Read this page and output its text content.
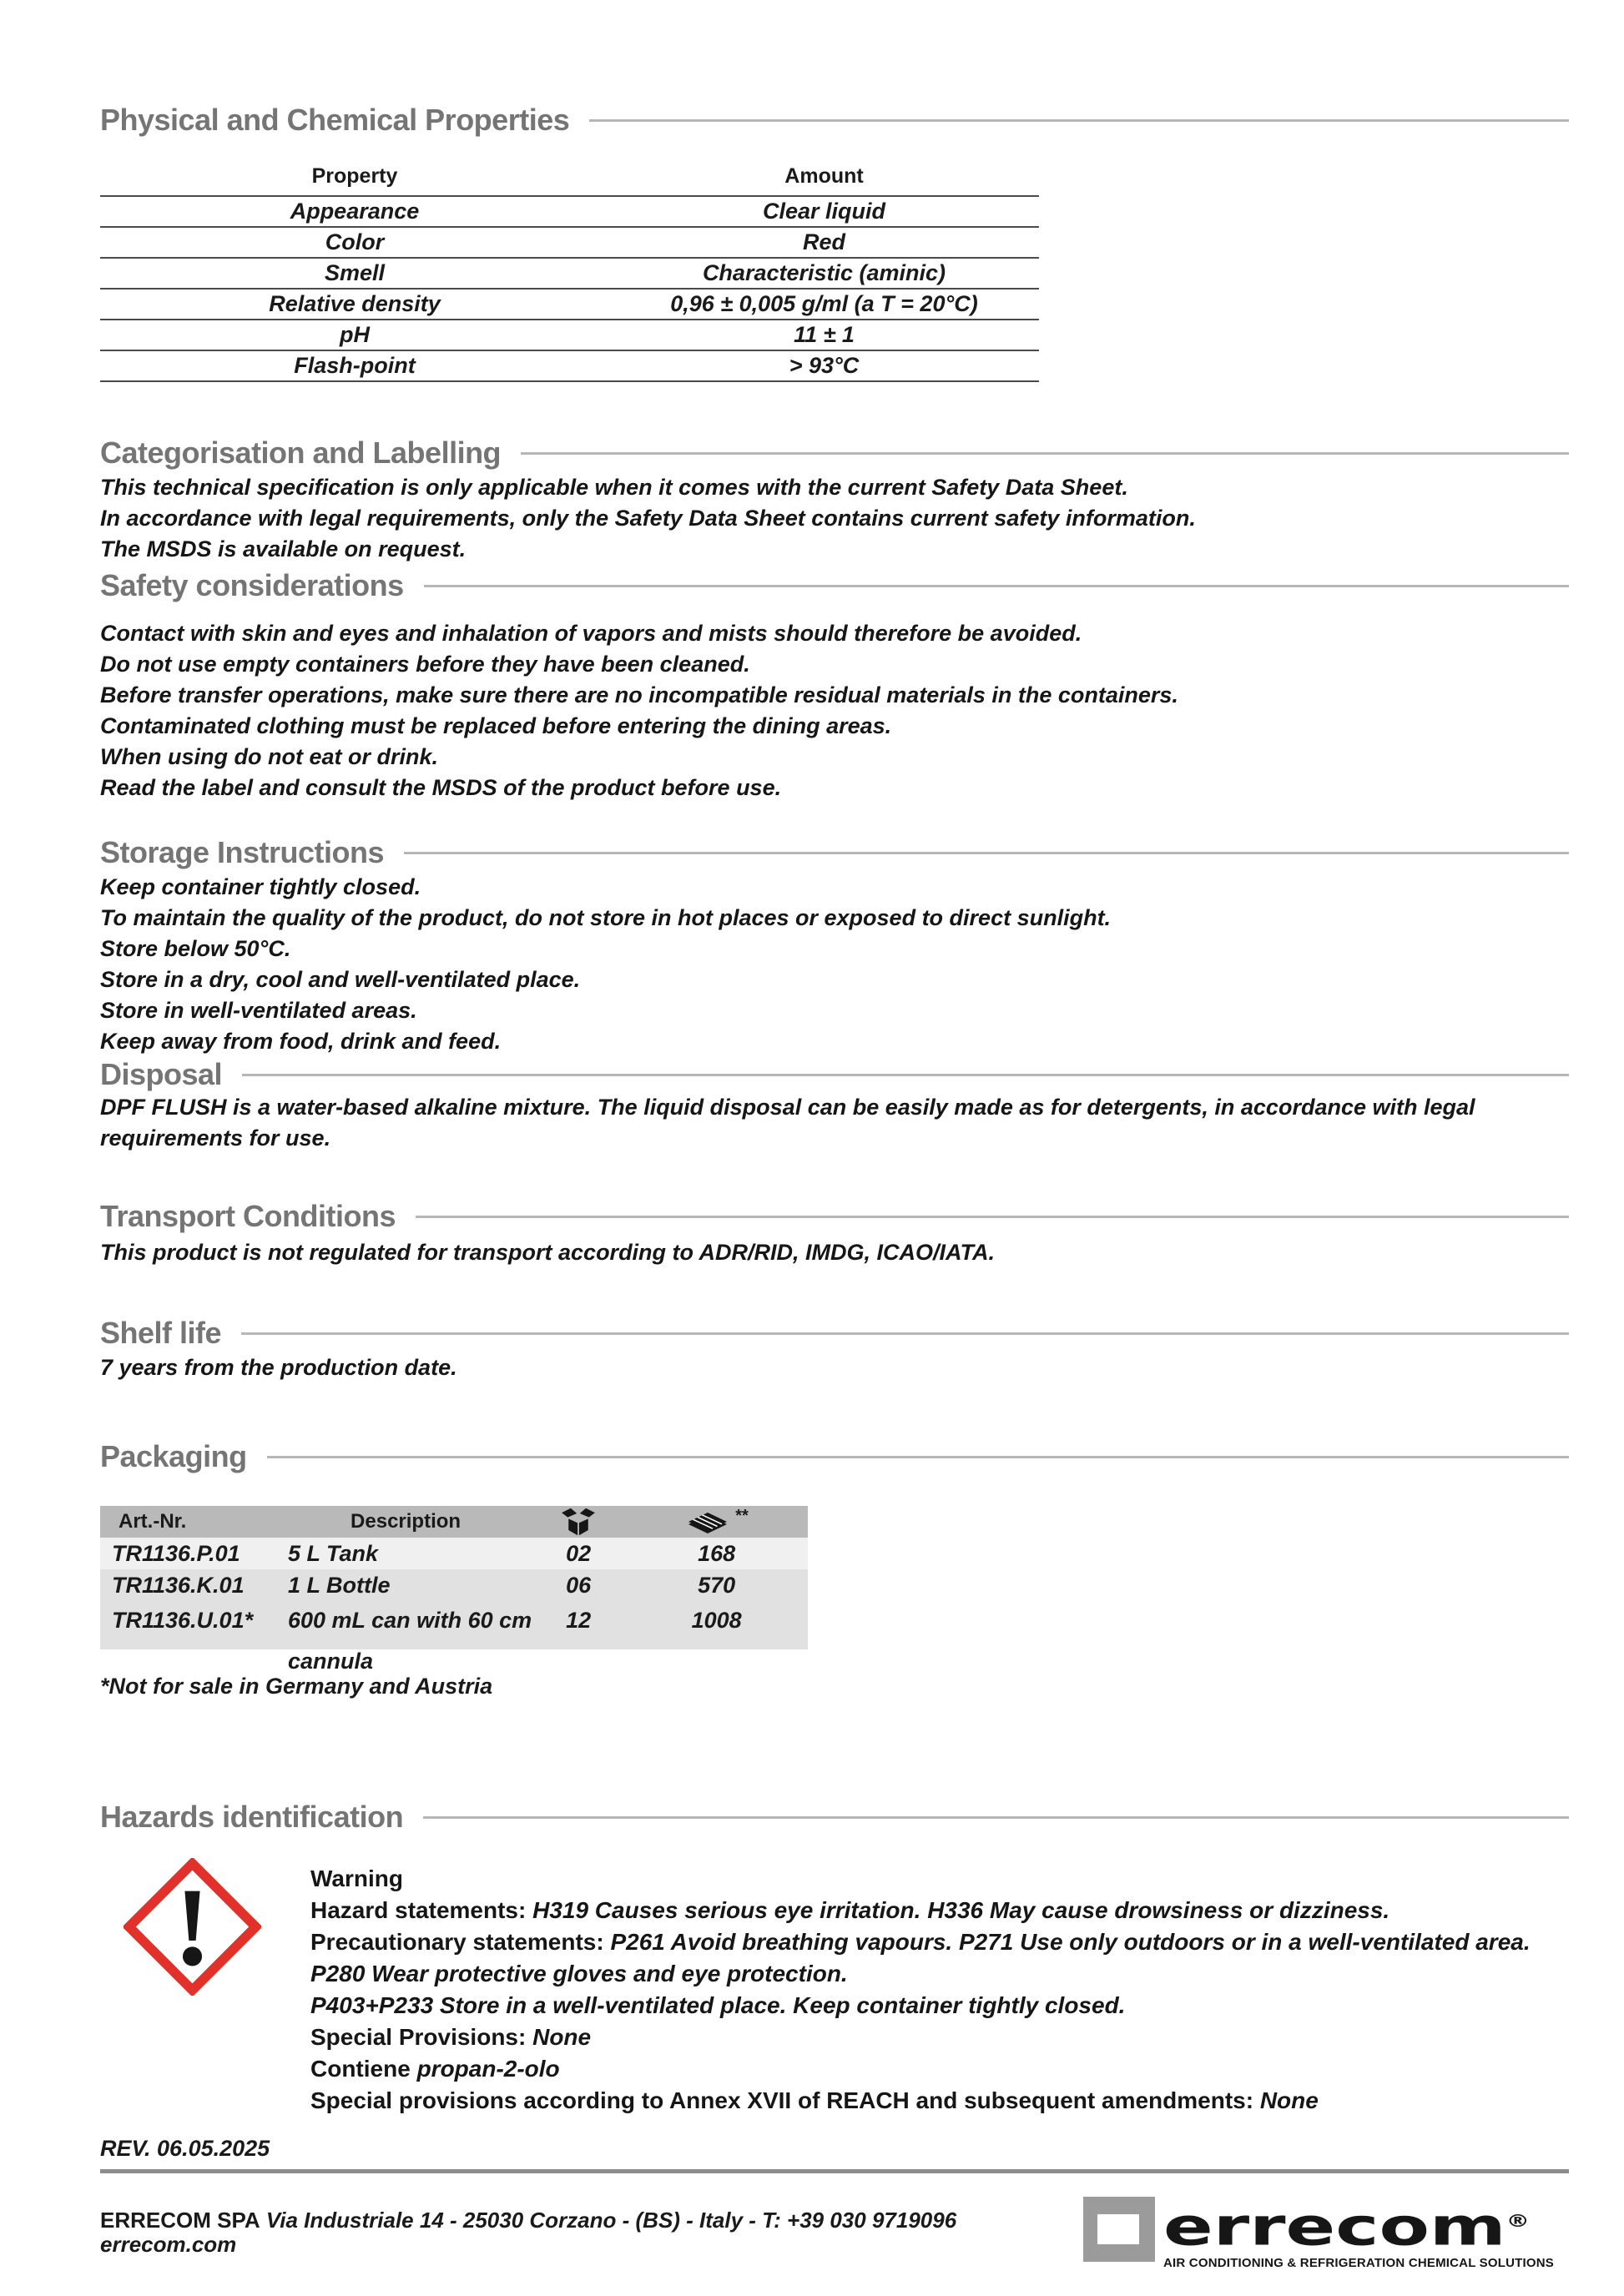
Physical and Chemical Properties
Property	Amount
Appearance	Clear liquid
Color	Red
Smell	Characteristic (aminic)
Relative density	0,96 ± 0,005 g/ml (a T = 20°C)
pH	11 ± 1
Flash-point	> 93°C
Categorisation and Labelling

This technical specification is only applicable when it comes with the current Safety Data Sheet.

In accordance with legal requirements, only the Safety Data Sheet contains current safety information.

The MSDS is available on request.

Safety considerations

Contact with skin and eyes and inhalation of vapors and mists should therefore be avoided.

Do not use empty containers before they have been cleaned.

Before transfer operations, make sure there are no incompatible residual materials in the containers.

Contaminated clothing must be replaced before entering the dining areas.

When using do not eat or drink.

Read the label and consult the MSDS of the product before use.

Storage Instructions

Keep container tightly closed.

To maintain the quality of the product, do not store in hot places or exposed to direct sunlight.

Store below 50°C.

Store in a dry, cool and well-ventilated place.

Store in well-ventilated areas.

Keep away from food, drink and feed.

Disposal

DPF FLUSH is a water-based alkaline mixture. The liquid disposal can be easily made as for detergents, in accordance with legal requirements for use.

Transport Conditions

This product is not regulated for transport according to ADR/RID, IMDG, ICAO/IATA.

Shelf life

7 years from the production date.

Packaging
Art.-Nr.	Description		**
TR1136.P.01	5 L Tank	02	168
TR1136.K.01	1 L Bottle	06	570
TR1136.U.01*	600 mL can with 60 cm	12	1008

cannula

*Not for sale in Germany and Austria

Hazards identification

Warning

Hazard statements: H319 Causes serious eye irritation. H336 May cause drowsiness or dizziness.

Precautionary statements: P261 Avoid breathing vapours. P271 Use only outdoors or in a well-ventilated area.

P280 Wear protective gloves and eye protection.

P403+P233 Store in a well-ventilated place. Keep container tightly closed.

Special Provisions: None

Contiene propan-2-olo

Special provisions according to Annex XVII of REACH and subsequent amendments: None

REV. 06.05.2025

ERRECOM SPA Via Industriale 14 - 25030 Corzano - (BS) - Italy - T: +39 030 9719096
errecom.com	errecom®
AIR CONDITIONING & REFRIGERATION CHEMICAL SOLUTIONS
